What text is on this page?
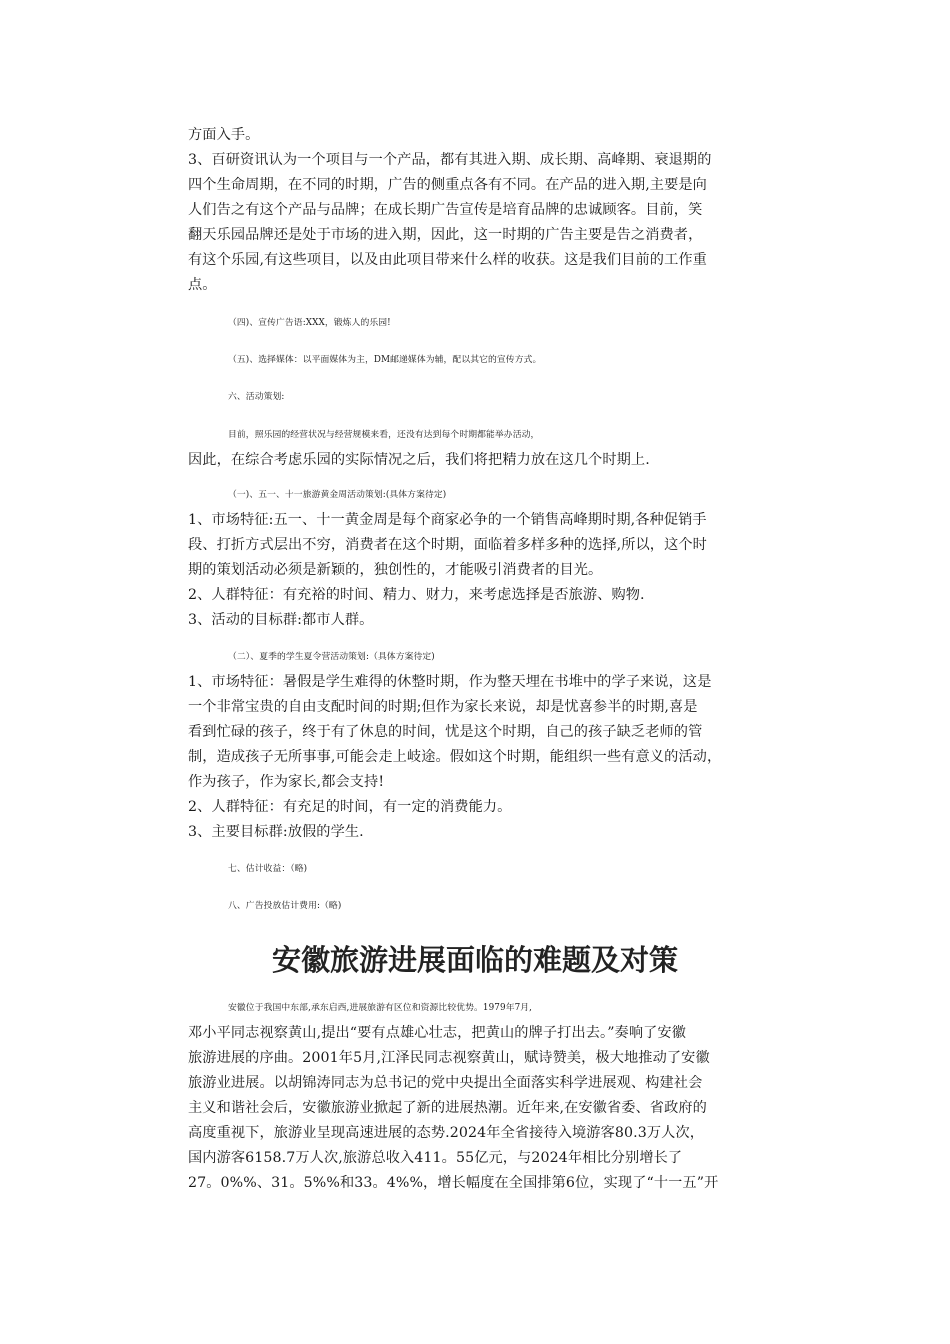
方面入手。
3、百研资讯认为一个项目与一个产品，都有其进入期、成长期、高峰期、衰退期的
四个生命周期，在不同的时期，广告的侧重点各有不同。在产品的进入期,主要是向
人们告之有这个产品与品牌；在成长期广告宣传是培育品牌的忠诚顾客。目前，笑
翻天乐园品牌还是处于市场的进入期，因此，这一时期的广告主要是告之消费者，
有这个乐园,有这些项目，以及由此项目带来什么样的收获。这是我们目前的工作重
点。
（四)、宣传广告语:XXX，锻炼人的乐园!
（五)、选择媒体：以平面媒体为主，DM邮递媒体为辅，配以其它的宣传方式。
六、活动策划:
目前，照乐园的经营状况与经营规模来看，还没有达到每个时期都能举办活动，
因此，在综合考虑乐园的实际情况之后，我们将把精力放在这几个时期上.
（一)、五一、十一旅游黄金周活动策划:(具体方案待定)
1、市场特征:五一、十一黄金周是每个商家必争的一个销售高峰期时期,各种促销手
段、打折方式层出不穷，消费者在这个时期，面临着多样多种的选择,所以，这个时
期的策划活动必须是新颖的，独创性的，才能吸引消费者的目光。
2、人群特征：有充裕的时间、精力、财力，来考虑选择是否旅游、购物.
3、活动的目标群:都市人群。
（二）、夏季的学生夏令营活动策划:（具体方案待定)
1、市场特征：暑假是学生难得的休整时期，作为整天埋在书堆中的学子来说，这是
一个非常宝贵的自由支配时间的时期;但作为家长来说，却是忧喜参半的时期,喜是
看到忙碌的孩子，终于有了休息的时间，忧是这个时期，自己的孩子缺乏老师的管
制，造成孩子无所事事,可能会走上岐途。假如这个时期，能组织一些有意义的活动，
作为孩子，作为家长,都会支持!
2、人群特征：有充足的时间，有一定的消费能力。
3、主要目标群:放假的学生.
七、估计收益：（略)
八、广告投放估计费用:（略)
安徽旅游进展面临的难题及对策
安徽位于我国中东部,承东启西,进展旅游有区位和资源比较优势。1979年7月,
邓小平同志视察黄山,提出“要有点雄心壮志，把黄山的牌子打出去。”奏响了安徽
旅游进展的序曲。2001年5月,江泽民同志视察黄山，赋诗赞美，极大地推动了安徽
旅游业进展。以胡锦涛同志为总书记的党中央提出全面落实科学进展观、构建社会
主义和谐社会后，安徽旅游业掀起了新的进展热潮。近年来,在安徽省委、省政府的
高度重视下，旅游业呈现高速进展的态势.2024年全省接待入境游客80.3万人次，
国内游客6158.7万人次,旅游总收入411。55亿元，与2024年相比分别增长了
27。0%%、31。5%%和33。4%%，增长幅度在全国排第6位，实现了“十一五”开
